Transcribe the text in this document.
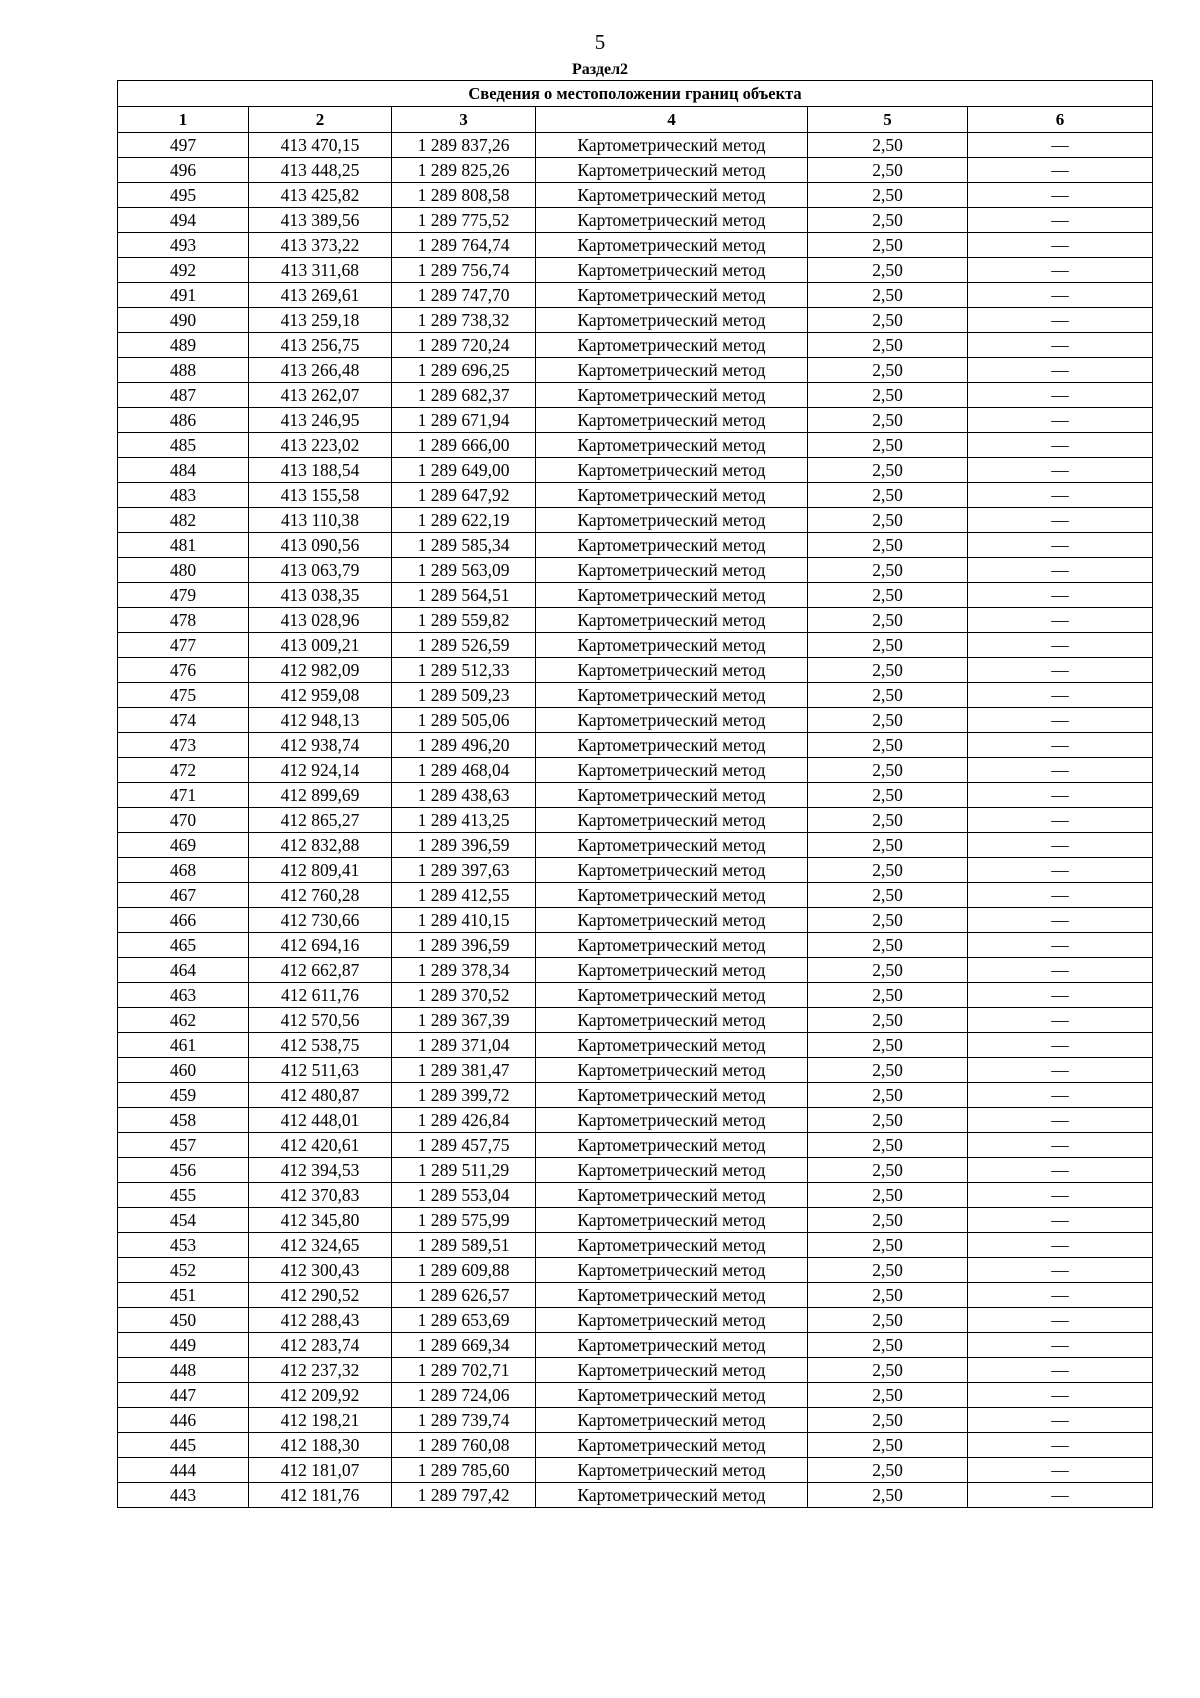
5
Раздел2
Сведения о местоположении границ объекта					
1	2	3	4	5	6
497	413 470,15	1 289 837,26	Картометрический метод	2,50	—
496	413 448,25	1 289 825,26	Картометрический метод	2,50	—
495	413 425,82	1 289 808,58	Картометрический метод	2,50	—
494	413 389,56	1 289 775,52	Картометрический метод	2,50	—
493	413 373,22	1 289 764,74	Картометрический метод	2,50	—
492	413 311,68	1 289 756,74	Картометрический метод	2,50	—
491	413 269,61	1 289 747,70	Картометрический метод	2,50	—
490	413 259,18	1 289 738,32	Картометрический метод	2,50	—
489	413 256,75	1 289 720,24	Картометрический метод	2,50	—
488	413 266,48	1 289 696,25	Картометрический метод	2,50	—
487	413 262,07	1 289 682,37	Картометрический метод	2,50	—
486	413 246,95	1 289 671,94	Картометрический метод	2,50	—
485	413 223,02	1 289 666,00	Картометрический метод	2,50	—
484	413 188,54	1 289 649,00	Картометрический метод	2,50	—
483	413 155,58	1 289 647,92	Картометрический метод	2,50	—
482	413 110,38	1 289 622,19	Картометрический метод	2,50	—
481	413 090,56	1 289 585,34	Картометрический метод	2,50	—
480	413 063,79	1 289 563,09	Картометрический метод	2,50	—
479	413 038,35	1 289 564,51	Картометрический метод	2,50	—
478	413 028,96	1 289 559,82	Картометрический метод	2,50	—
477	413 009,21	1 289 526,59	Картометрический метод	2,50	—
476	412 982,09	1 289 512,33	Картометрический метод	2,50	—
475	412 959,08	1 289 509,23	Картометрический метод	2,50	—
474	412 948,13	1 289 505,06	Картометрический метод	2,50	—
473	412 938,74	1 289 496,20	Картометрический метод	2,50	—
472	412 924,14	1 289 468,04	Картометрический метод	2,50	—
471	412 899,69	1 289 438,63	Картометрический метод	2,50	—
470	412 865,27	1 289 413,25	Картометрический метод	2,50	—
469	412 832,88	1 289 396,59	Картометрический метод	2,50	—
468	412 809,41	1 289 397,63	Картометрический метод	2,50	—
467	412 760,28	1 289 412,55	Картометрический метод	2,50	—
466	412 730,66	1 289 410,15	Картометрический метод	2,50	—
465	412 694,16	1 289 396,59	Картометрический метод	2,50	—
464	412 662,87	1 289 378,34	Картометрический метод	2,50	—
463	412 611,76	1 289 370,52	Картометрический метод	2,50	—
462	412 570,56	1 289 367,39	Картометрический метод	2,50	—
461	412 538,75	1 289 371,04	Картометрический метод	2,50	—
460	412 511,63	1 289 381,47	Картометрический метод	2,50	—
459	412 480,87	1 289 399,72	Картометрический метод	2,50	—
458	412 448,01	1 289 426,84	Картометрический метод	2,50	—
457	412 420,61	1 289 457,75	Картометрический метод	2,50	—
456	412 394,53	1 289 511,29	Картометрический метод	2,50	—
455	412 370,83	1 289 553,04	Картометрический метод	2,50	—
454	412 345,80	1 289 575,99	Картометрический метод	2,50	—
453	412 324,65	1 289 589,51	Картометрический метод	2,50	—
452	412 300,43	1 289 609,88	Картометрический метод	2,50	—
451	412 290,52	1 289 626,57	Картометрический метод	2,50	—
450	412 288,43	1 289 653,69	Картометрический метод	2,50	—
449	412 283,74	1 289 669,34	Картометрический метод	2,50	—
448	412 237,32	1 289 702,71	Картометрический метод	2,50	—
447	412 209,92	1 289 724,06	Картометрический метод	2,50	—
446	412 198,21	1 289 739,74	Картометрический метод	2,50	—
445	412 188,30	1 289 760,08	Картометрический метод	2,50	—
444	412 181,07	1 289 785,60	Картометрический метод	2,50	—
443	412 181,76	1 289 797,42	Картометрический метод	2,50	—
